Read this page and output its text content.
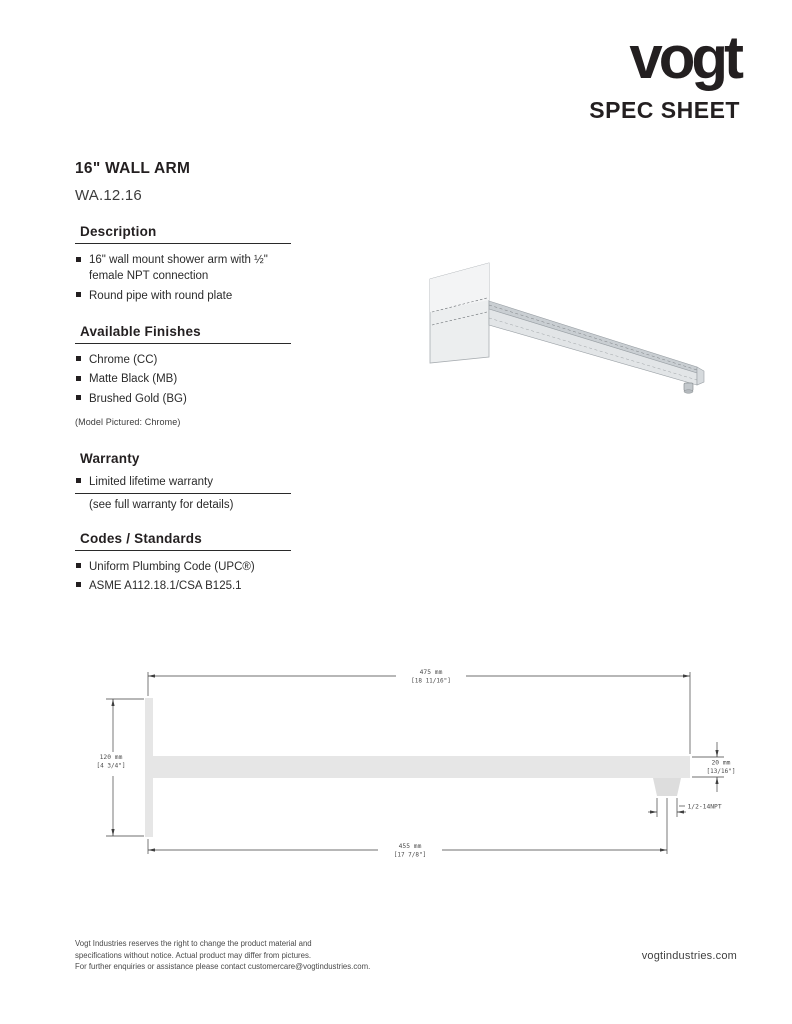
vogt
SPEC SHEET
16" WALL ARM
WA.12.16
Description
16" wall mount shower arm with ½" female NPT connection
Round pipe with round plate
Available Finishes
Chrome (CC)
Matte Black (MB)
Brushed Gold (BG)
(Model Pictured: Chrome)
Warranty
Limited lifetime warranty
(see full warranty for details)
Codes / Standards
Uniform Plumbing Code (UPC®)
ASME A112.18.1/CSA B125.1
475 mm
[18 11/16"]
120 mm
[4 3/4"]	20 mm
[13/16"]
455 mm
[17 7/8"]
1/2-14NPT
Vogt Industries reserves the right to change the product material and
specifications without notice. Actual product may differ from pictures.
For further enquiries or assistance please contact customercare@vogtindustries.com.
vogtindustries.com
